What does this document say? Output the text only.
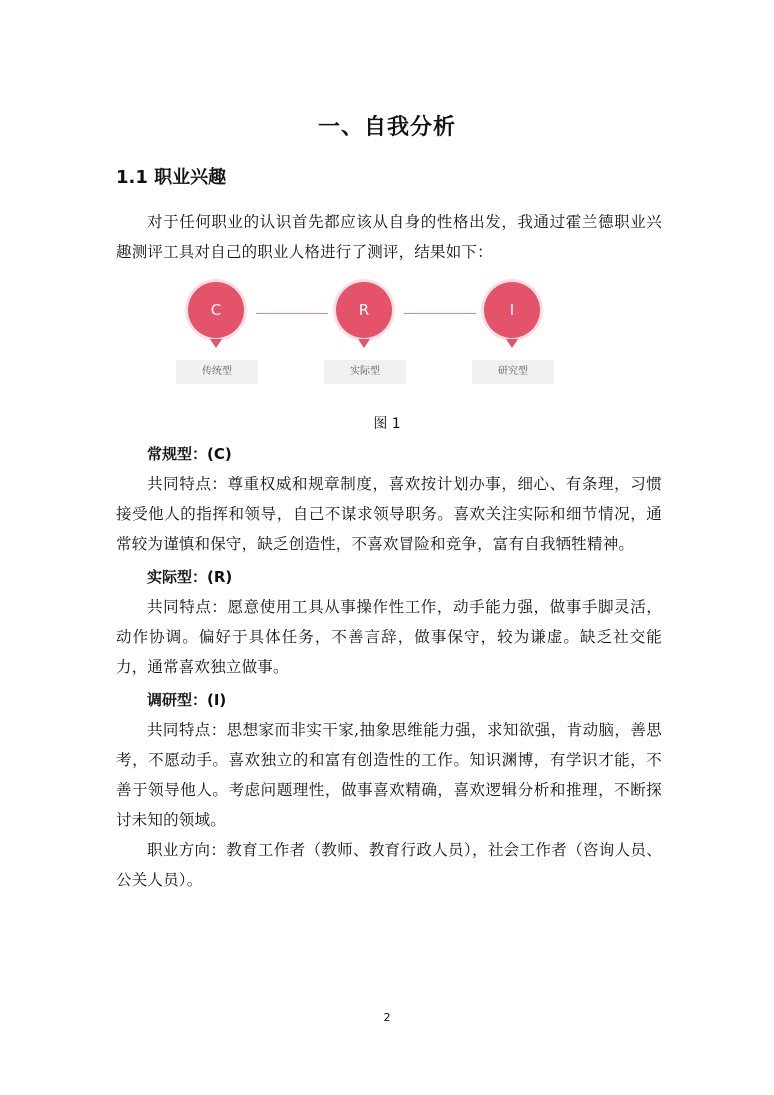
一、自我分析
1.1 职业兴趣
对于任何职业的认识首先都应该从自身的性格出发，我通过霍兰德职业兴趣测评工具对自己的职业人格进行了测评，结果如下：
C
传统型
R
实际型
I
研究型
图 1
常规型：(C)
共同特点：尊重权威和规章制度，喜欢按计划办事，细心、有条理，习惯接受他人的指挥和领导，自己不谋求领导职务。喜欢关注实际和细节情况，通常较为谨慎和保守，缺乏创造性，不喜欢冒险和竞争，富有自我牺牲精神。
实际型：(R)
共同特点：愿意使用工具从事操作性工作，动手能力强，做事手脚灵活，动作协调。偏好于具体任务，不善言辞，做事保守，较为谦虚。缺乏社交能力，通常喜欢独立做事。
调研型：(I)
共同特点：思想家而非实干家,抽象思维能力强，求知欲强，肯动脑，善思考，不愿动手。喜欢独立的和富有创造性的工作。知识渊博，有学识才能，不善于领导他人。考虑问题理性，做事喜欢精确，喜欢逻辑分析和推理，不断探讨未知的领域。
职业方向：教育工作者（教师、教育行政人员），社会工作者（咨询人员、公关人员）。
2
